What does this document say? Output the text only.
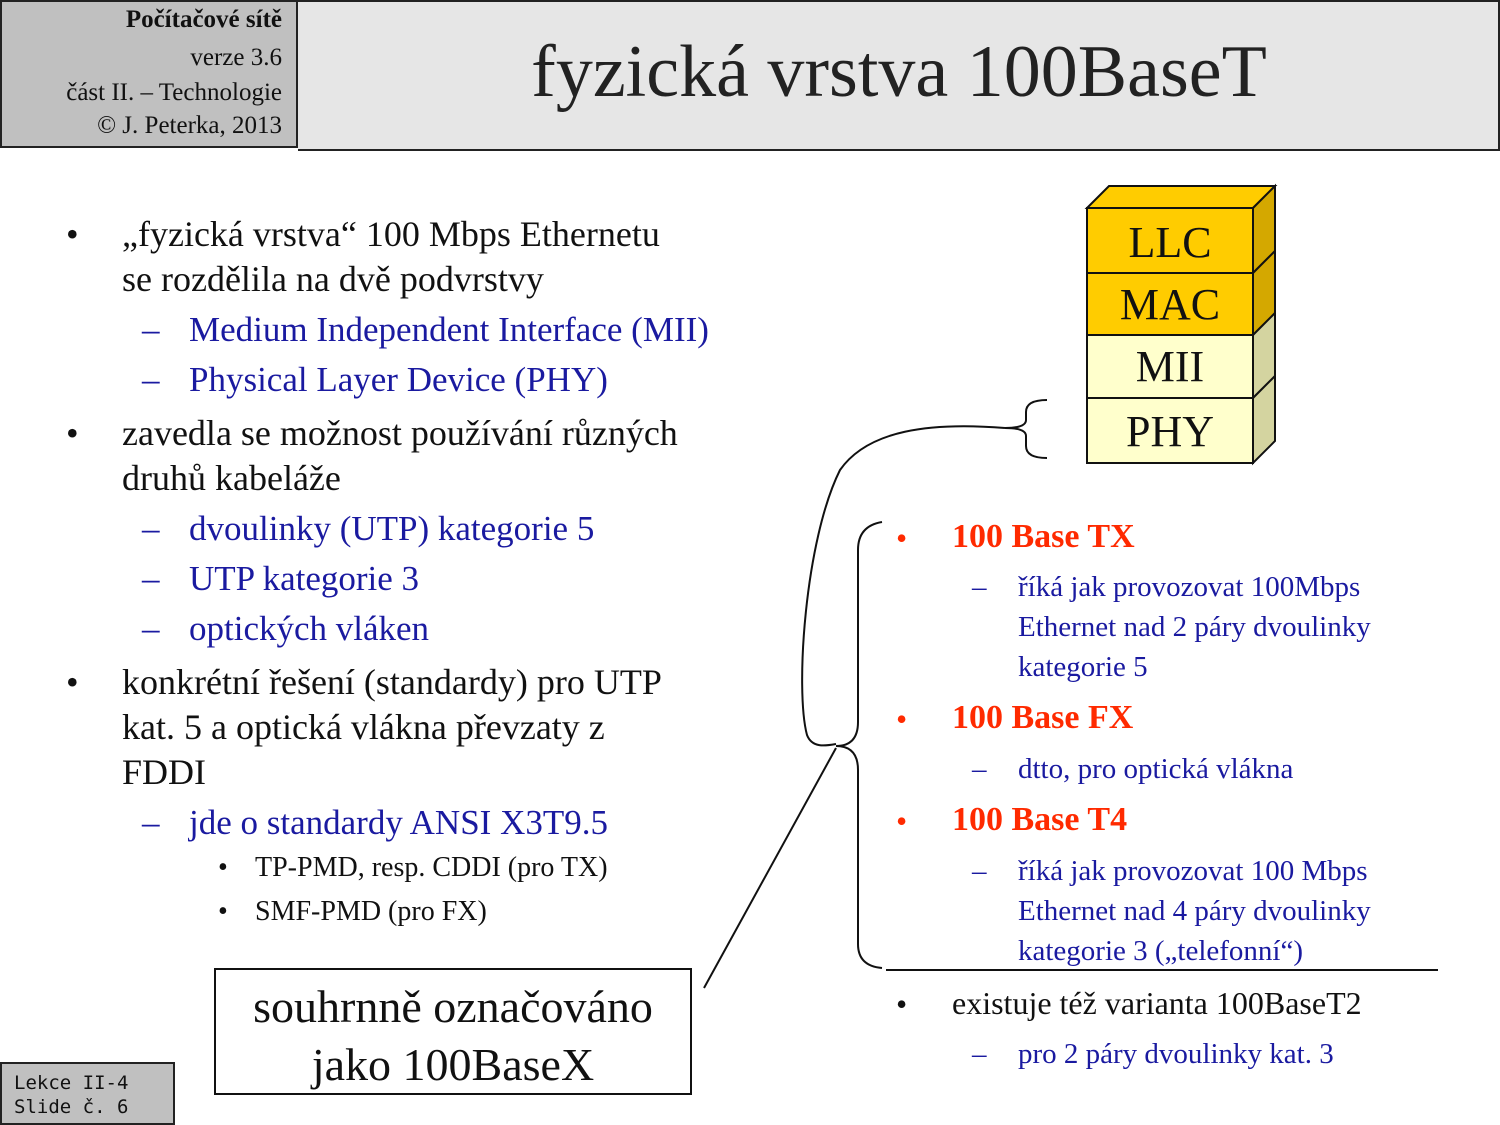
Počítačové sítě
verze 3.6
část II. – Technologie
© J. Peterka, 2013
fyzická vrstva 100BaseT
• „fyzická vrstva“ 100 Mbps Ethernetu
se rozdělila na dvě podvrstvy
– Medium Independent Interface (MII)
– Physical Layer Device (PHY)
• zavedla se možnost používání různých
druhů kabeláže
– dvoulinky (UTP) kategorie 5
– UTP kategorie 3
– optických vláken
• konkrétní řešení (standardy) pro UTP
kat. 5 a optická vlákna převzaty z
FDDI
– jde o standardy ANSI X3T9.5
• TP-PMD, resp. CDDI (pro TX)
• SMF-PMD (pro FX)
souhrnně označováno
jako 100BaseX
LLC
MAC
MII
PHY
• 100 Base TX
– říká jak provozovat 100Mbps
Ethernet nad 2 páry dvoulinky
kategorie 5
• 100 Base FX
– dtto, pro optická vlákna
• 100 Base T4
– říká jak provozovat 100 Mbps
Ethernet nad 4 páry dvoulinky
kategorie 3 („telefonní“)
• existuje též varianta 100BaseT2
– pro 2 páry dvoulinky kat. 3
Lekce II-4
Slide č. 6
